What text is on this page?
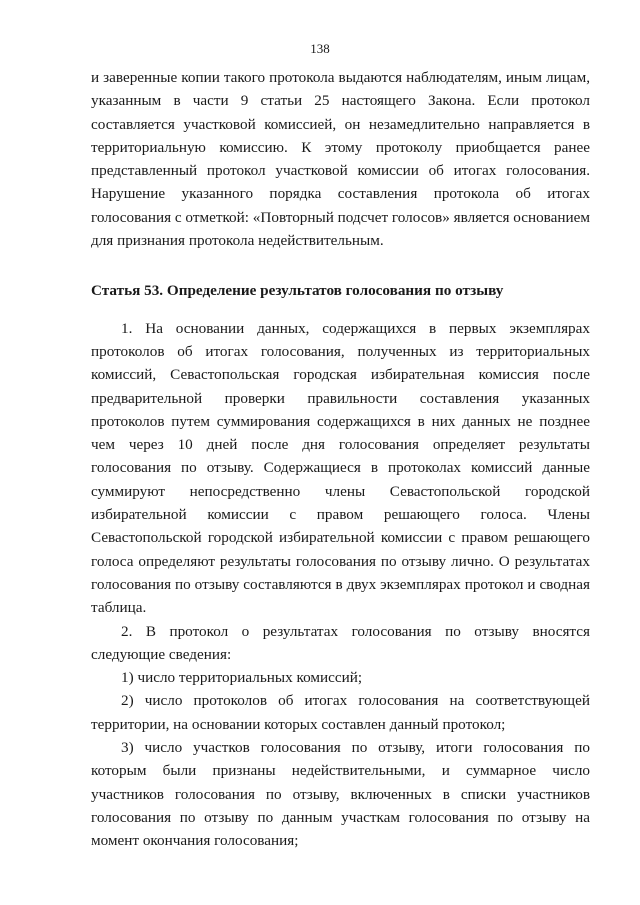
138

и заверенные копии такого протокола выдаются наблюдателям, иным лицам, указанным в части 9 статьи 25 настоящего Закона. Если протокол составляется участковой комиссией, он незамедлительно направляется в территориальную комиссию. К этому протоколу приобщается ранее представленный протокол участковой комиссии об итогах голосования. Нарушение указанного порядка составления протокола об итогах голосования с отметкой: «Повторный подсчет голосов» является основанием для признания протокола недействительным.

Статья 53. Определение результатов голосования по отзыву

1. На основании данных, содержащихся в первых экземплярах протоколов об итогах голосования, полученных из территориальных комиссий, Севастопольская городская избирательная комиссия после предварительной проверки правильности составления указанных протоколов путем суммирования содержащихся в них данных не позднее чем через 10 дней после дня голосования определяет результаты голосования по отзыву. Содержащиеся в протоколах комиссий данные суммируют непосредственно члены Севастопольской городской избирательной комиссии с правом решающего голоса. Члены Севастопольской городской избирательной комиссии с правом решающего голоса определяют результаты голосования по отзыву лично. О результатах голосования по отзыву составляются в двух экземплярах протокол и сводная таблица.

2. В протокол о результатах голосования по отзыву вносятся следующие сведения:

1) число территориальных комиссий;

2) число протоколов об итогах голосования на соответствующей территории, на основании которых составлен данный протокол;

3) число участков голосования по отзыву, итоги голосования по которым были признаны недействительными, и суммарное число участников голосования по отзыву, включенных в списки участников голосования по отзыву по данным участкам голосования по отзыву на момент окончания голосования;
